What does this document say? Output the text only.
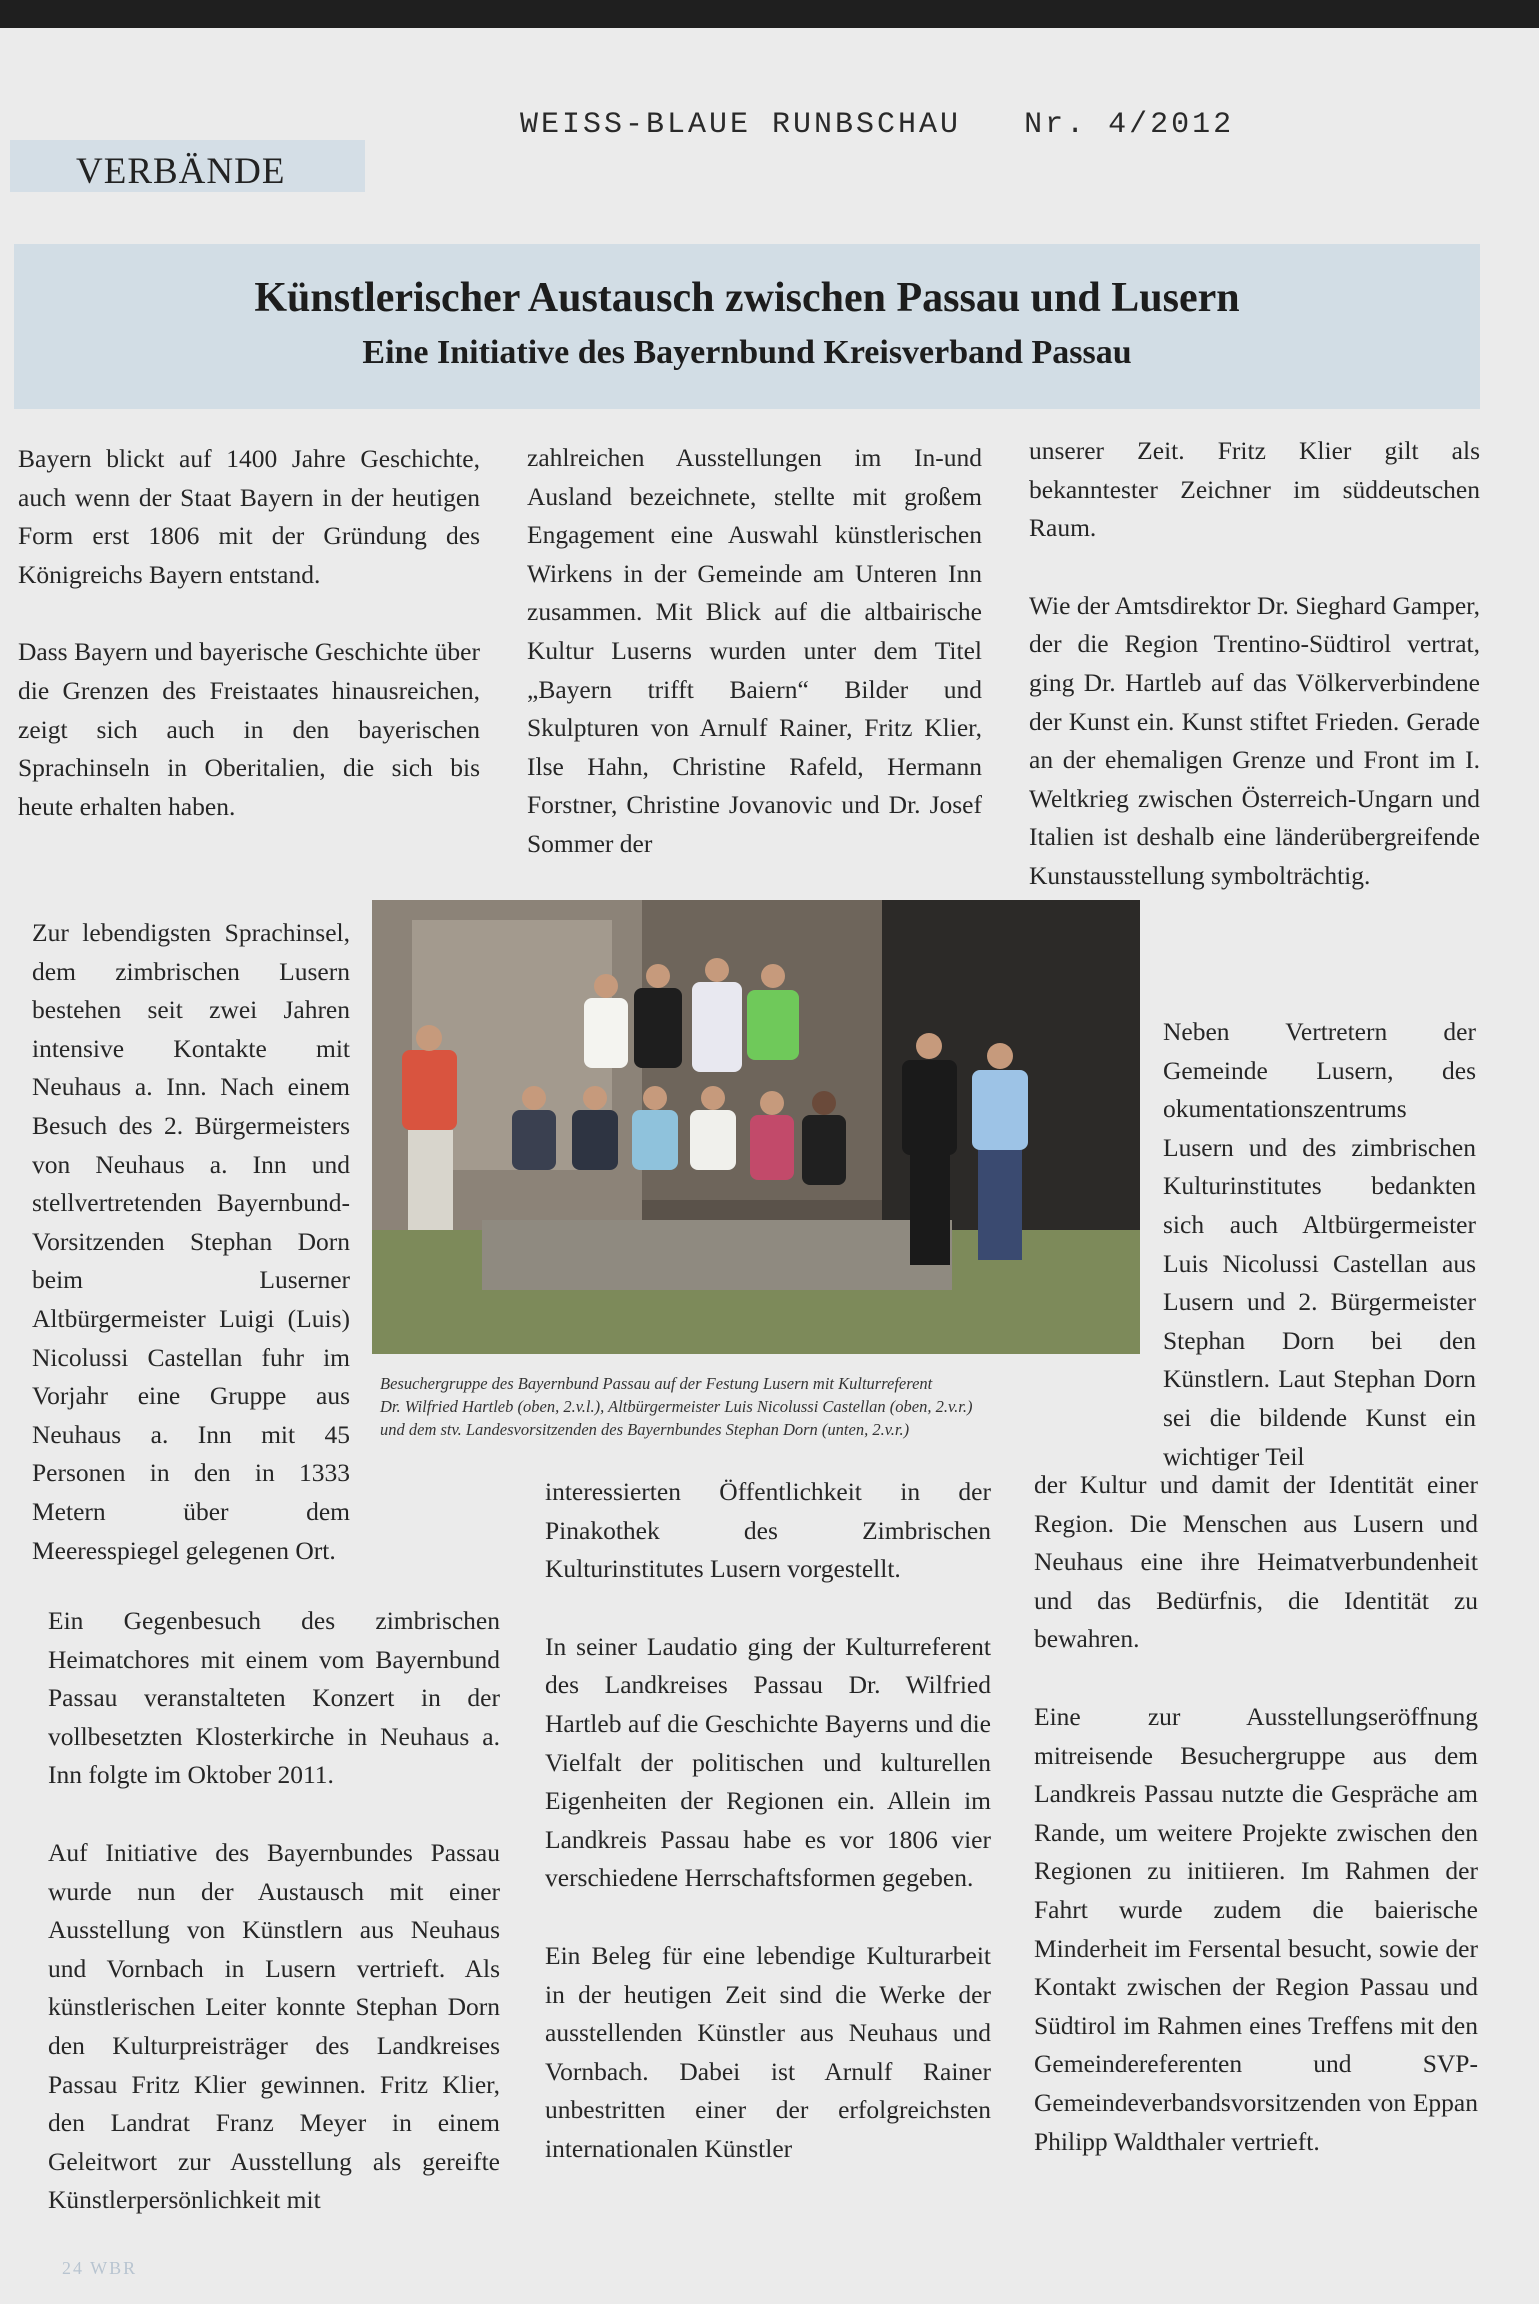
WEISS-BLAUE RUNBSCHAU Nr. 4/2012
VERBÄNDE
Künstlerischer Austausch zwischen Passau und Lusern
Eine Initiative des Bayernbund Kreisverband Passau

Bayern blickt auf 1400 Jahre Geschichte, auch wenn der Staat Bayern in der heutigen Form erst 1806 mit der Gründung des Königreichs Bayern entstand.

Dass Bayern und bayerische Geschichte über die Grenzen des Freistaates hinausreichen, zeigt sich auch in den bayerischen Sprachinseln in Oberitalien, die sich bis heute erhalten haben.

Zur lebendigsten Sprachinsel, dem zimbrischen Lusern bestehen seit zwei Jahren intensive Kontakte mit Neuhaus a. Inn. Nach einem Besuch des 2. Bürgermeisters von Neuhaus a. Inn und stellvertretenden Bayernbund-Vorsitzenden Stephan Dorn beim Luserner Altbürgermeister Luigi (Luis) Nicolussi Castellan fuhr im Vorjahr eine Gruppe aus Neuhaus a. Inn mit 45 Personen in den in 1333 Metern über dem Meeresspiegel gelegenen Ort.

Ein Gegenbesuch des zimbrischen Heimatchores mit einem vom Bayernbund Passau veranstalteten Konzert in der vollbesetzten Klosterkirche in Neuhaus a. Inn folgte im Oktober 2011.

Auf Initiative des Bayernbundes Passau wurde nun der Austausch mit einer Ausstellung von Künstlern aus Neuhaus und Vornbach in Lusern vertrieft. Als künstlerischen Leiter konnte Stephan Dorn den Kulturpreisträger des Landkreises Passau Fritz Klier gewinnen. Fritz Klier, den Landrat Franz Meyer in einem Geleitwort zur Ausstellung als gereifte Künstlerpersönlichkeit mit

zahlreichen Ausstellungen im In-und Ausland bezeichnete, stellte mit großem Engagement eine Auswahl künstlerischen Wirkens in der Gemeinde am Unteren Inn zusammen. Mit Blick auf die altbairische Kultur Luserns wurden unter dem Titel „Bayern trifft Baiern“ Bilder und Skulpturen von Arnulf Rainer, Fritz Klier, Ilse Hahn, Christine Rafeld, Hermann Forstner, Christine Jovanovic und Dr. Josef Sommer der

interessierten Öffentlichkeit in der Pinakothek des Zimbrischen Kulturinstitutes Lusern vorgestellt.

In seiner Laudatio ging der Kulturreferent des Landkreises Passau Dr. Wilfried Hartleb auf die Geschichte Bayerns und die Vielfalt der politischen und kulturellen Eigenheiten der Regionen ein. Allein im Landkreis Passau habe es vor 1806 vier verschiedene Herrschaftsformen gegeben.

Ein Beleg für eine lebendige Kulturarbeit in der heutigen Zeit sind die Werke der ausstellenden Künstler aus Neuhaus und Vornbach. Dabei ist Arnulf Rainer unbestritten einer der erfolgreichsten internationalen Künstler

unserer Zeit. Fritz Klier gilt als bekanntester Zeichner im süddeutschen Raum.

Wie der Amtsdirektor Dr. Sieghard Gamper, der die Region Trentino-Südtirol vertrat, ging Dr. Hartleb auf das Völkerverbindene der Kunst ein. Kunst stiftet Frieden. Gerade an der ehemaligen Grenze und Front im I. Weltkrieg zwischen Österreich-Ungarn und Italien ist deshalb eine länderübergreifende Kunstausstellung symbolträchtig.

Neben Vertretern der Gemeinde Lusern, des okumentationszentrums Lusern und des zimbrischen Kulturinstitutes bedankten sich auch Altbürgermeister Luis Nicolussi Castellan aus Lusern und 2. Bürgermeister Stephan Dorn bei den Künstlern. Laut Stephan Dorn sei die bildende Kunst ein wichtiger Teil

der Kultur und damit der Identität einer Region. Die Menschen aus Lusern und Neuhaus eine ihre Heimatverbundenheit und das Bedürfnis, die Identität zu bewahren.

Eine zur Ausstellungseröffnung mitreisende Besuchergruppe aus dem Landkreis Passau nutzte die Gespräche am Rande, um weitere Projekte zwischen den Regionen zu initiieren. Im Rahmen der Fahrt wurde zudem die baierische Minderheit im Fersental besucht, sowie der Kontakt zwischen der Region Passau und Südtirol im Rahmen eines Treffens mit den Gemeindereferenten und SVP-Gemeindeverbandsvorsitzenden von Eppan Philipp Waldthaler vertrieft.

Besuchergruppe des Bayernbund Passau auf der Festung Lusern mit Kulturreferent
Dr. Wilfried Hartleb (oben, 2.v.l.), Altbürgermeister Luis Nicolussi Castellan (oben, 2.v.r.)
und dem stv. Landesvorsitzenden des Bayernbundes Stephan Dorn (unten, 2.v.r.)
24 WBR
